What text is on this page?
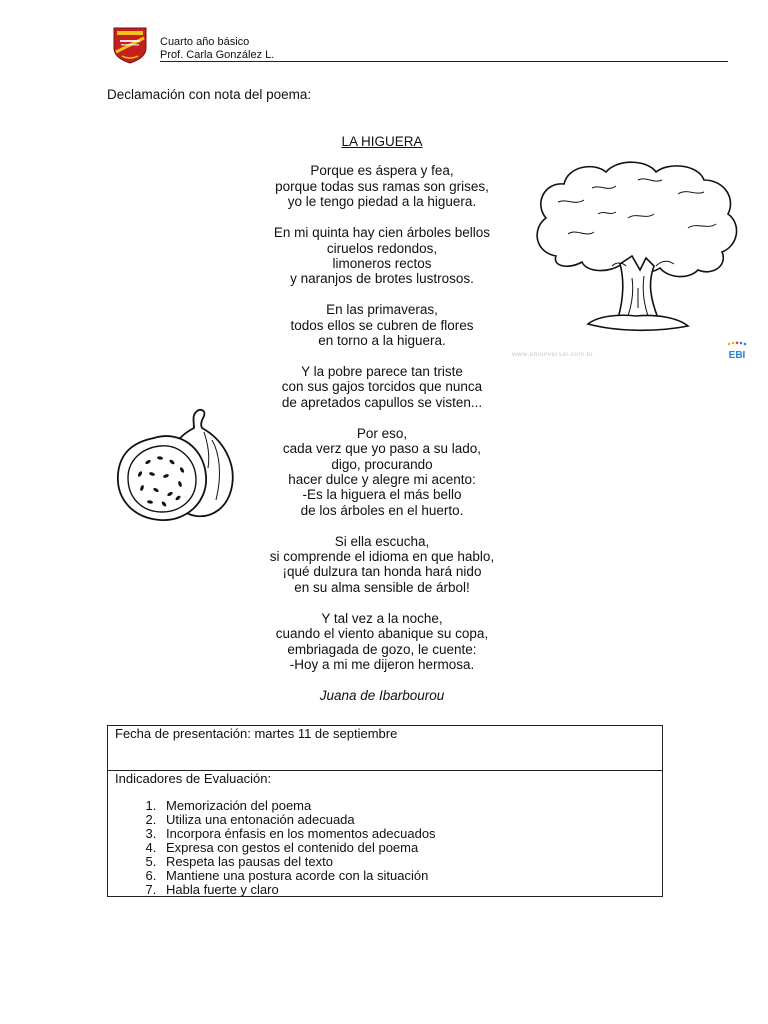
Cuarto año básico
Prof. Carla González L.
Declamación con nota del poema:
LA HIGUERA
Porque es áspera y fea,
porque todas sus ramas son grises,
yo le tengo piedad a la higuera.
En mi quinta hay cien árboles bellos
ciruelos redondos,
limoneros rectos
y naranjos de brotes lustrosos.
En las primaveras,
todos ellos se cubren de flores
en torno a la higuera.
Y la pobre parece tan triste
con sus gajos torcidos que nunca
de apretados capullos se visten...
Por eso,
cada verz que yo paso a su lado,
digo, procurando
hacer dulce y alegre mi acento:
-Es la higuera el más bello
de los árboles en el huerto.
Si ella escucha,
si comprende el idioma en que hablo,
¡qué dulzura tan honda hará nido
en su alma sensible de árbol!
Y tal vez a la noche,
cuando el viento abanique su copa,
embriagada de gozo, le cuente:
-Hoy a mi me dijeron hermosa.
Juana de Ibarbourou
www.ebiunversal.com.br	EBI
Fecha de presentación: martes 11 de septiembre
Indicadores de Evaluación:
1. Memorización del poema
2. Utiliza una entonación adecuada
3. Incorpora énfasis en los momentos adecuados
4. Expresa con gestos el contenido del poema
5. Respeta las pausas del texto
6. Mantiene una postura acorde con la situación
7. Habla fuerte y claro
